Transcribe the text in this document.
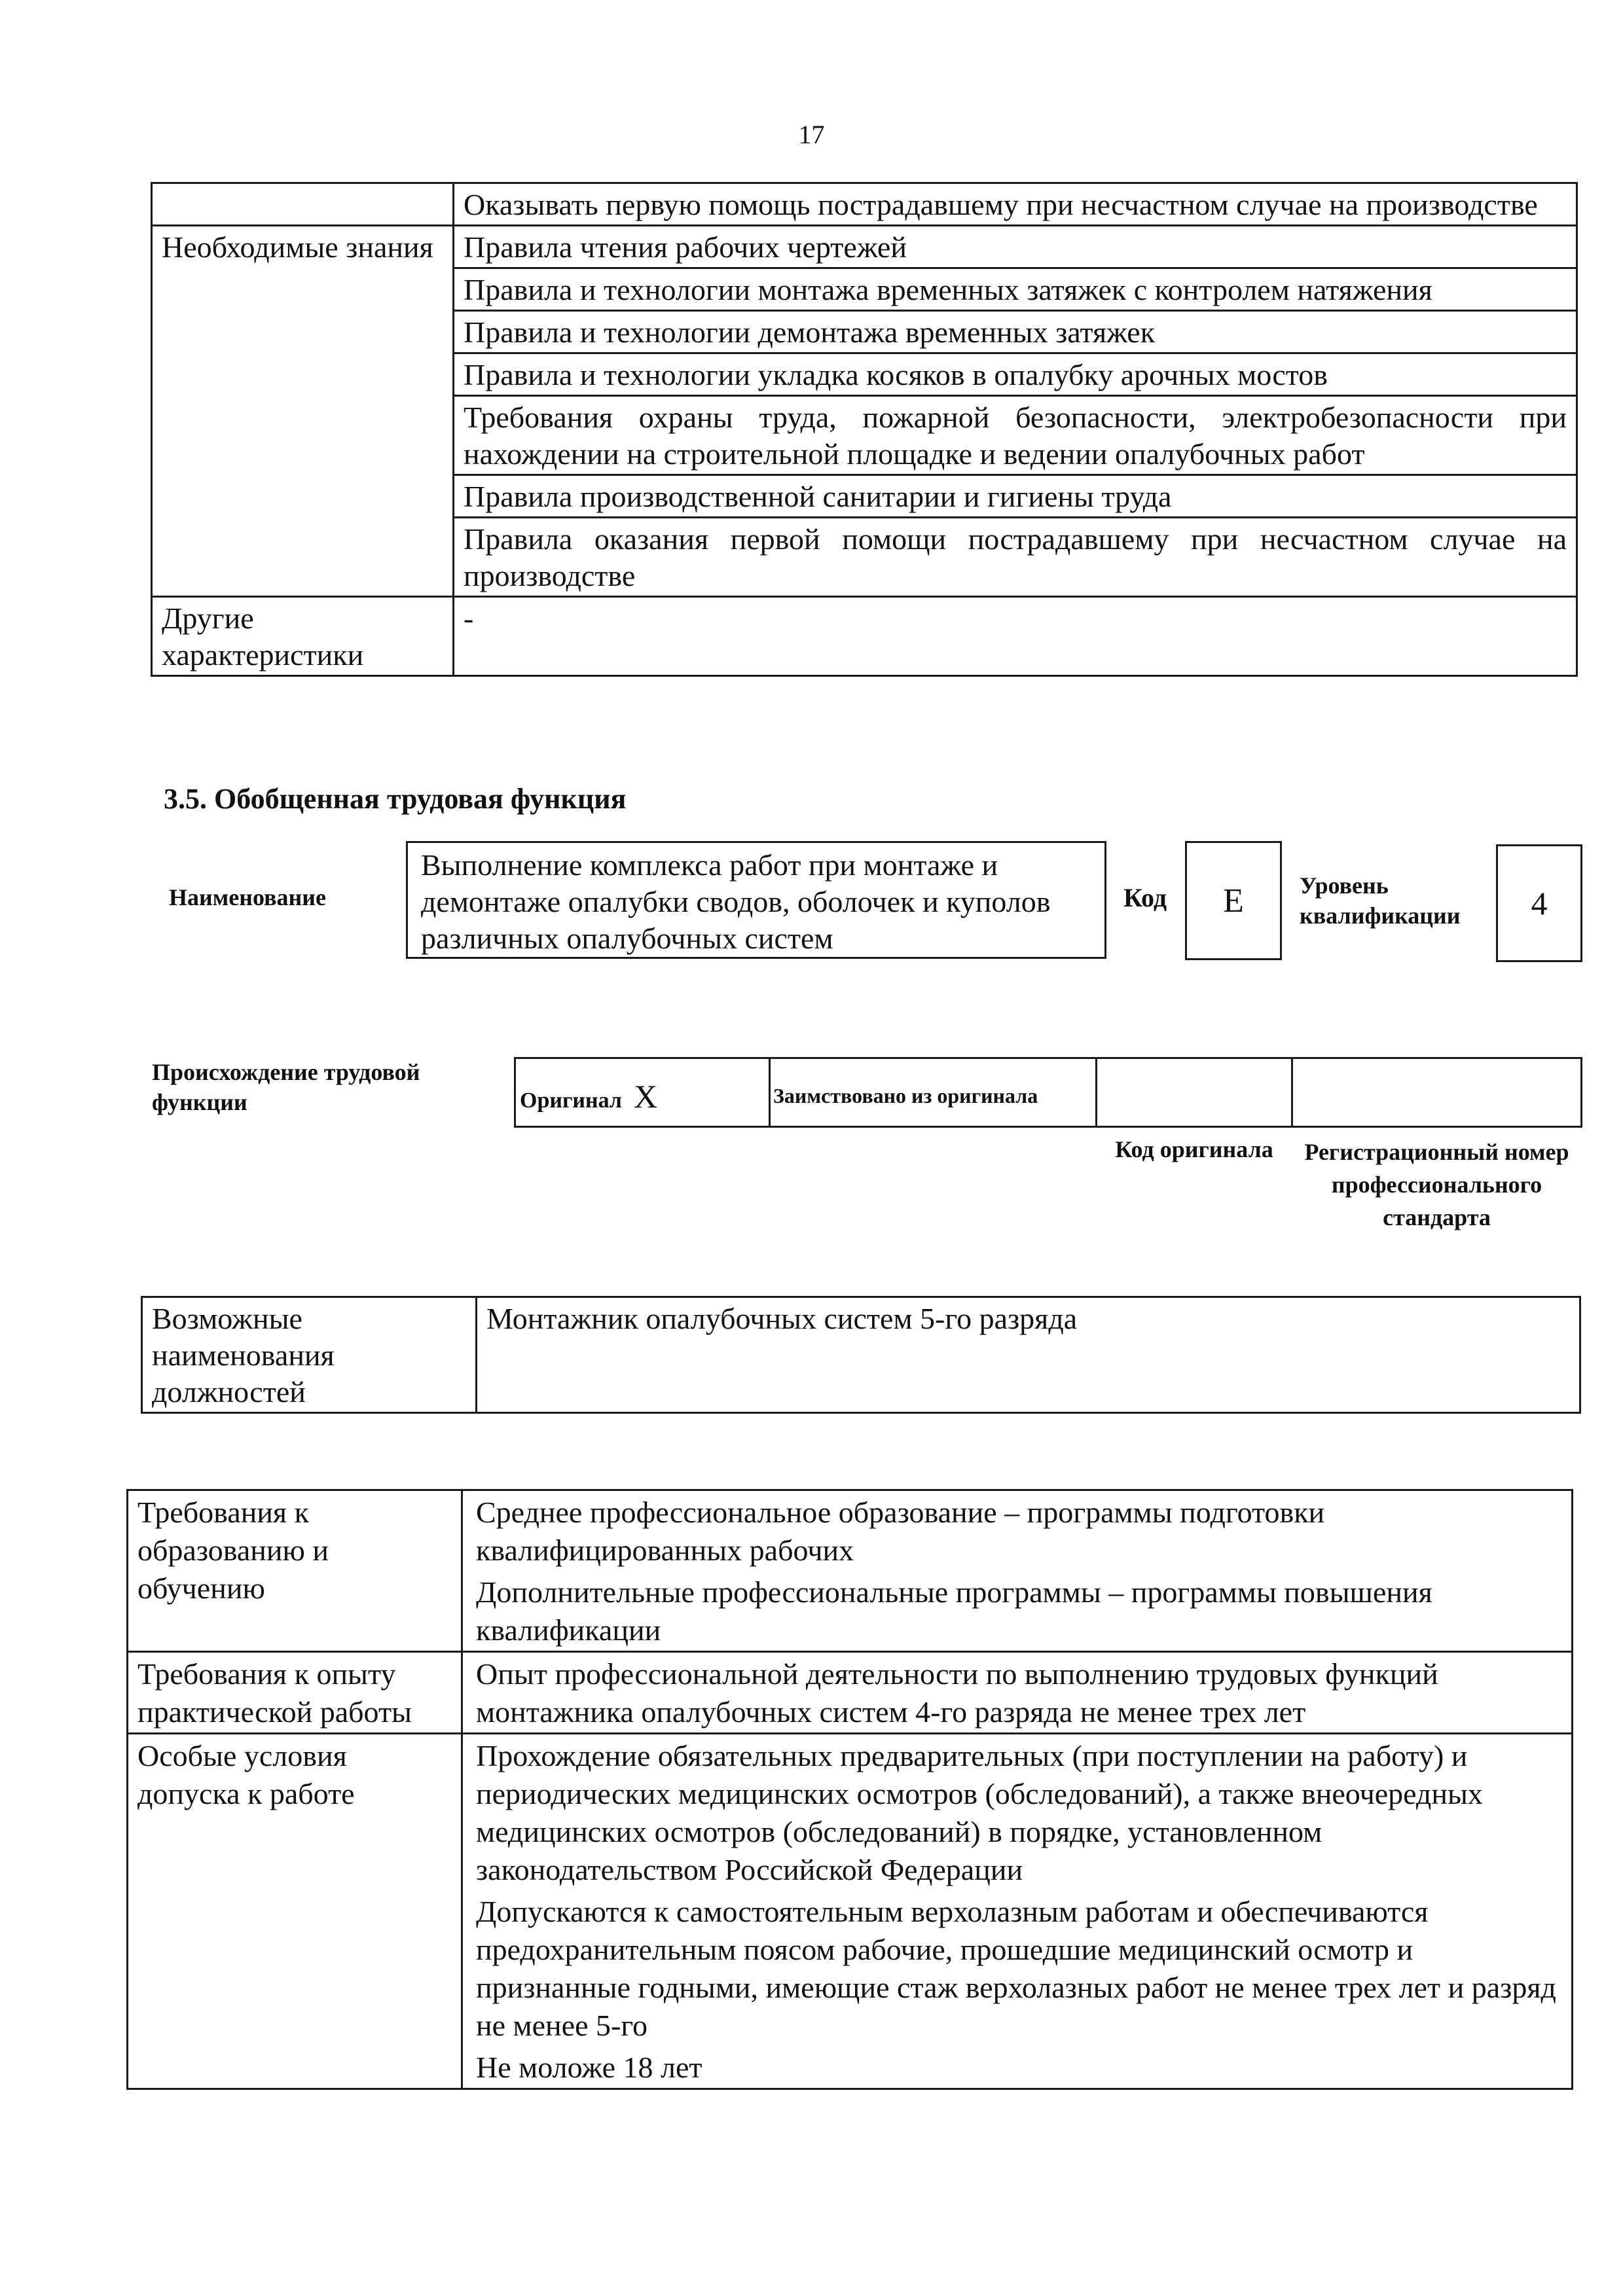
17
	Оказывать первую помощь пострадавшему при несчастном случае на производстве
Необходимые знания	Правила чтения рабочих чертежей
	Правила и технологии монтажа временных затяжек с контролем натяжения
	Правила и технологии демонтажа временных затяжек
	Правила и технологии укладка косяков в опалубку арочных мостов
	Требования охраны труда, пожарной безопасности, электробезопасности при нахождении на строительной площадке и ведении опалубочных работ
	Правила производственной санитарии и гигиены труда
	Правила оказания первой помощи пострадавшему при несчастном случае на производстве
Другие характеристики	-
3.5. Обобщенная трудовая функция
Наименование
Выполнение комплекса работ при монтаже и демонтаже опалубки сводов, оболочек и куполов различных опалубочных систем
Код	E	Уровень квалификации	4
Происхождение трудовой функции	Оригинал X	Заимствовано из оригинала
Код оригинала	Регистрационный номер профессионального стандарта
Возможные наименования должностей	Монтажник опалубочных систем 5-го разряда
Требования к образованию и обучению	Среднее профессиональное образование – программы подготовки квалифицированных рабочих

Дополнительные профессиональные программы – программы повышения квалификации

Требования к опыту практической работы	Опыт профессиональной деятельности по выполнению трудовых функций монтажника опалубочных систем 4-го разряда не менее трех лет
Особые условия допуска к работе	Прохождение обязательных предварительных (при поступлении на работу) и периодических медицинских осмотров (обследований), а также внеочередных медицинских осмотров (обследований) в порядке, установленном законодательством Российской Федерации

Допускаются к самостоятельным верхолазным работам и обеспечиваются предохранительным поясом рабочие, прошедшие медицинский осмотр и признанные годными, имеющие стаж верхолазных работ не менее трех лет и разряд не менее 5-го

Не моложе 18 лет
